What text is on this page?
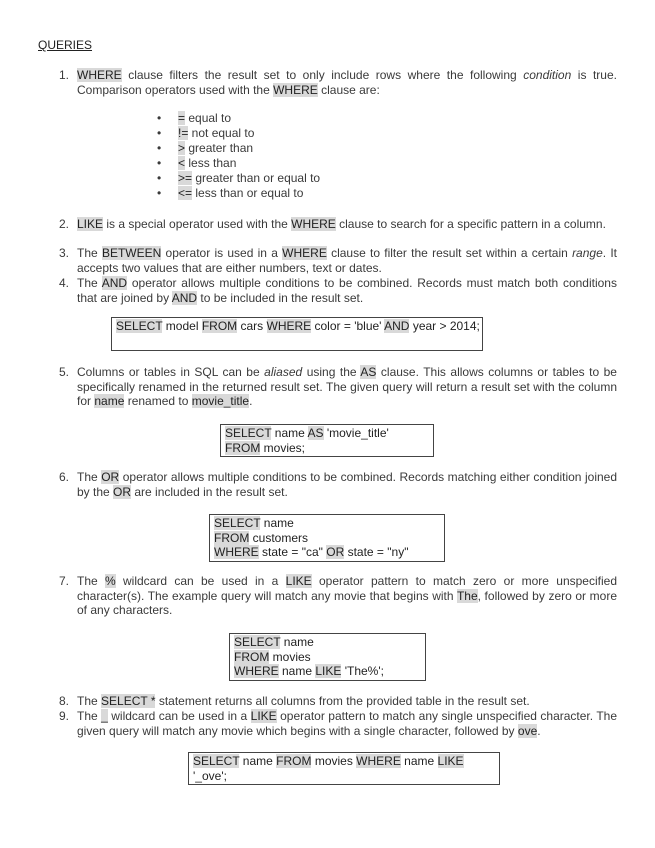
QUERIES
1. WHERE clause filters the result set to only include rows where the following condition is true. Comparison operators used with the WHERE clause are:
• = equal to
• != not equal to
• > greater than
• < less than
• >= greater than or equal to
• <= less than or equal to
2. LIKE is a special operator used with the WHERE clause to search for a specific pattern in a column.
3. The BETWEEN operator is used in a WHERE clause to filter the result set within a certain range. It accepts two values that are either numbers, text or dates.
4. The AND operator allows multiple conditions to be combined. Records must match both conditions that are joined by AND to be included in the result set.
SELECT model FROM cars WHERE color = 'blue' AND year > 2014;
5. Columns or tables in SQL can be aliased using the AS clause. This allows columns or tables to be specifically renamed in the returned result set. The given query will return a result set with the column for name renamed to movie_title.
SELECT name AS 'movie_title'
FROM movies;
6. The OR operator allows multiple conditions to be combined. Records matching either condition joined by the OR are included in the result set.
SELECT name
FROM customers
WHERE state = "ca" OR state = "ny"
7. The % wildcard can be used in a LIKE operator pattern to match zero or more unspecified character(s). The example query will match any movie that begins with The, followed by zero or more of any characters.
SELECT name
FROM movies
WHERE name LIKE 'The%';
8. The SELECT * statement returns all columns from the provided table in the result set.
9. The _ wildcard can be used in a LIKE operator pattern to match any single unspecified character. The given query will match any movie which begins with a single character, followed by ove.
SELECT name FROM movies WHERE name LIKE
'_ove';
